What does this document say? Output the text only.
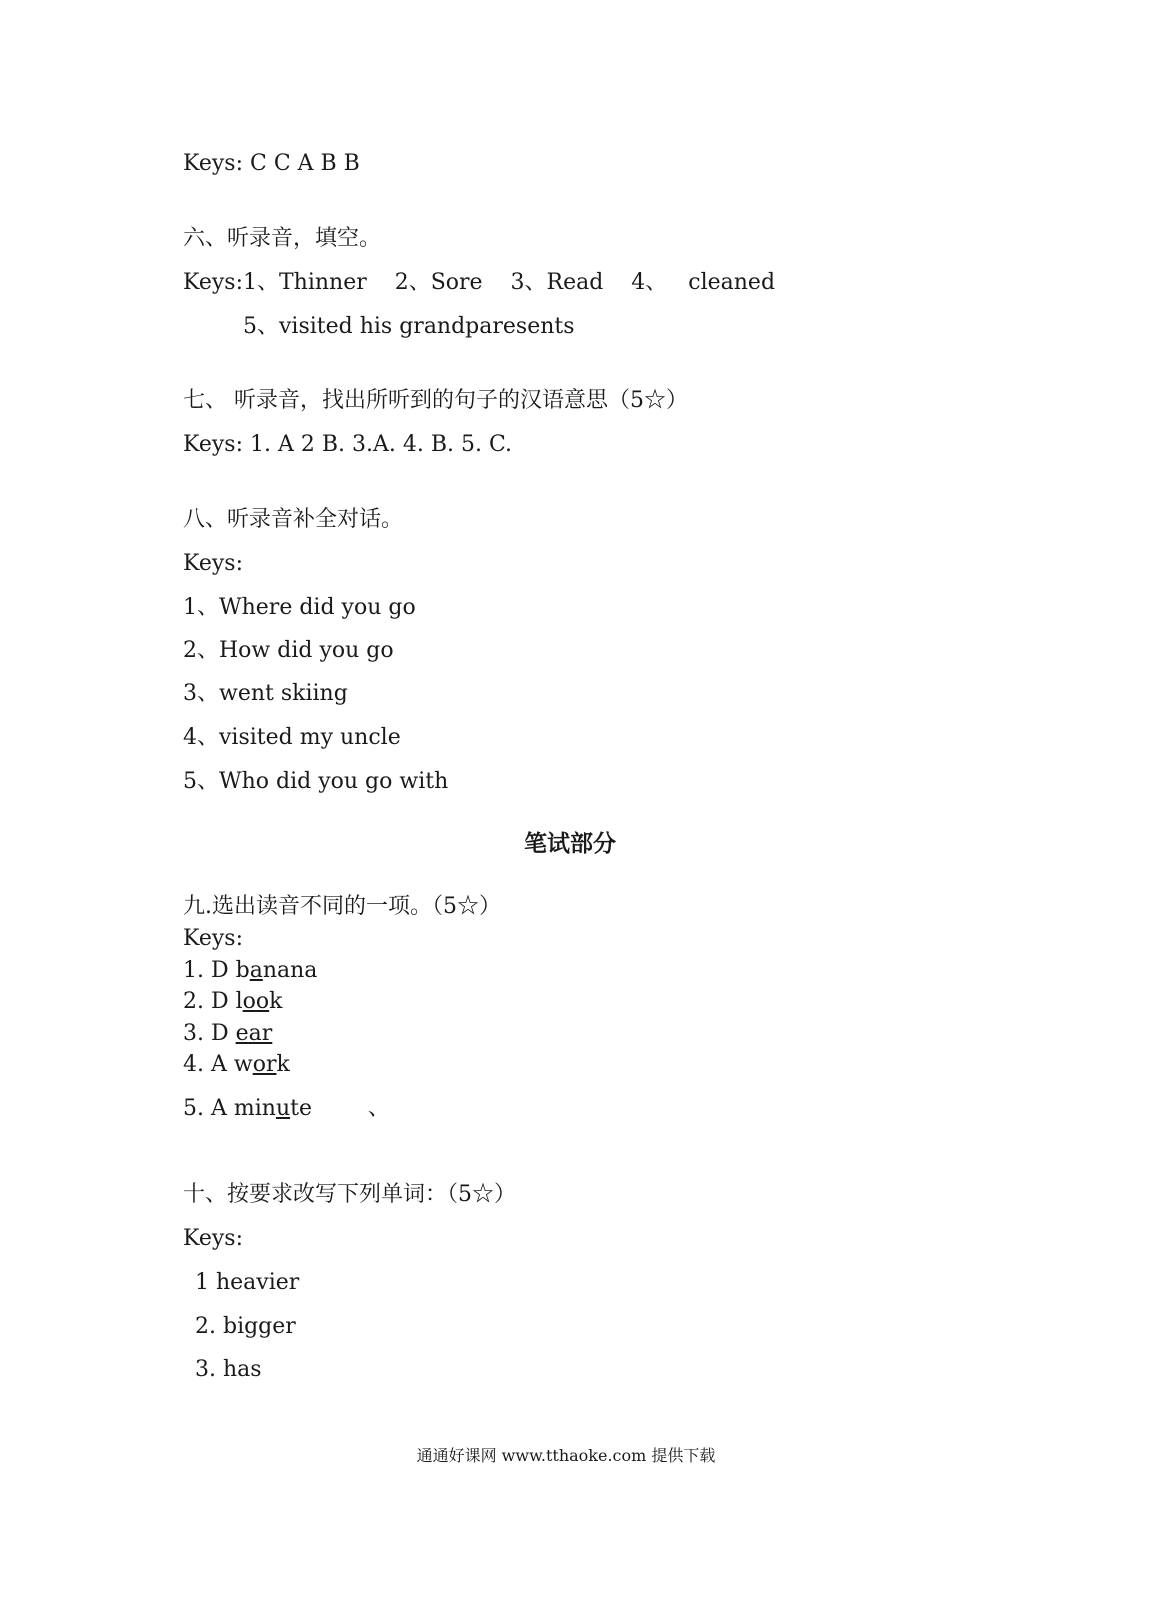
Keys: C C A B B
六、听录音，填空。
Keys:1、Thinner    2、Sore    3、Read    4、   cleaned
5、visited his grandparesents
七、 听录音，找出所听到的句子的汉语意思（5☆）
Keys: 1. A 2 B. 3.A. 4. B. 5. C.
八、听录音补全对话。
Keys:
1、Where did you go
2、How did you go
3、went skiing
4、visited my uncle
5、Who did you go with
笔试部分
九.选出读音不同的一项。（5☆）
Keys:
1. D banana
2. D look
3. D ear
4. A work
5. A minute        、
十、按要求改写下列单词：（5☆）
Keys:
1 heavier
2. bigger
3. has
通通好课网 www.tthaoke.com 提供下载
